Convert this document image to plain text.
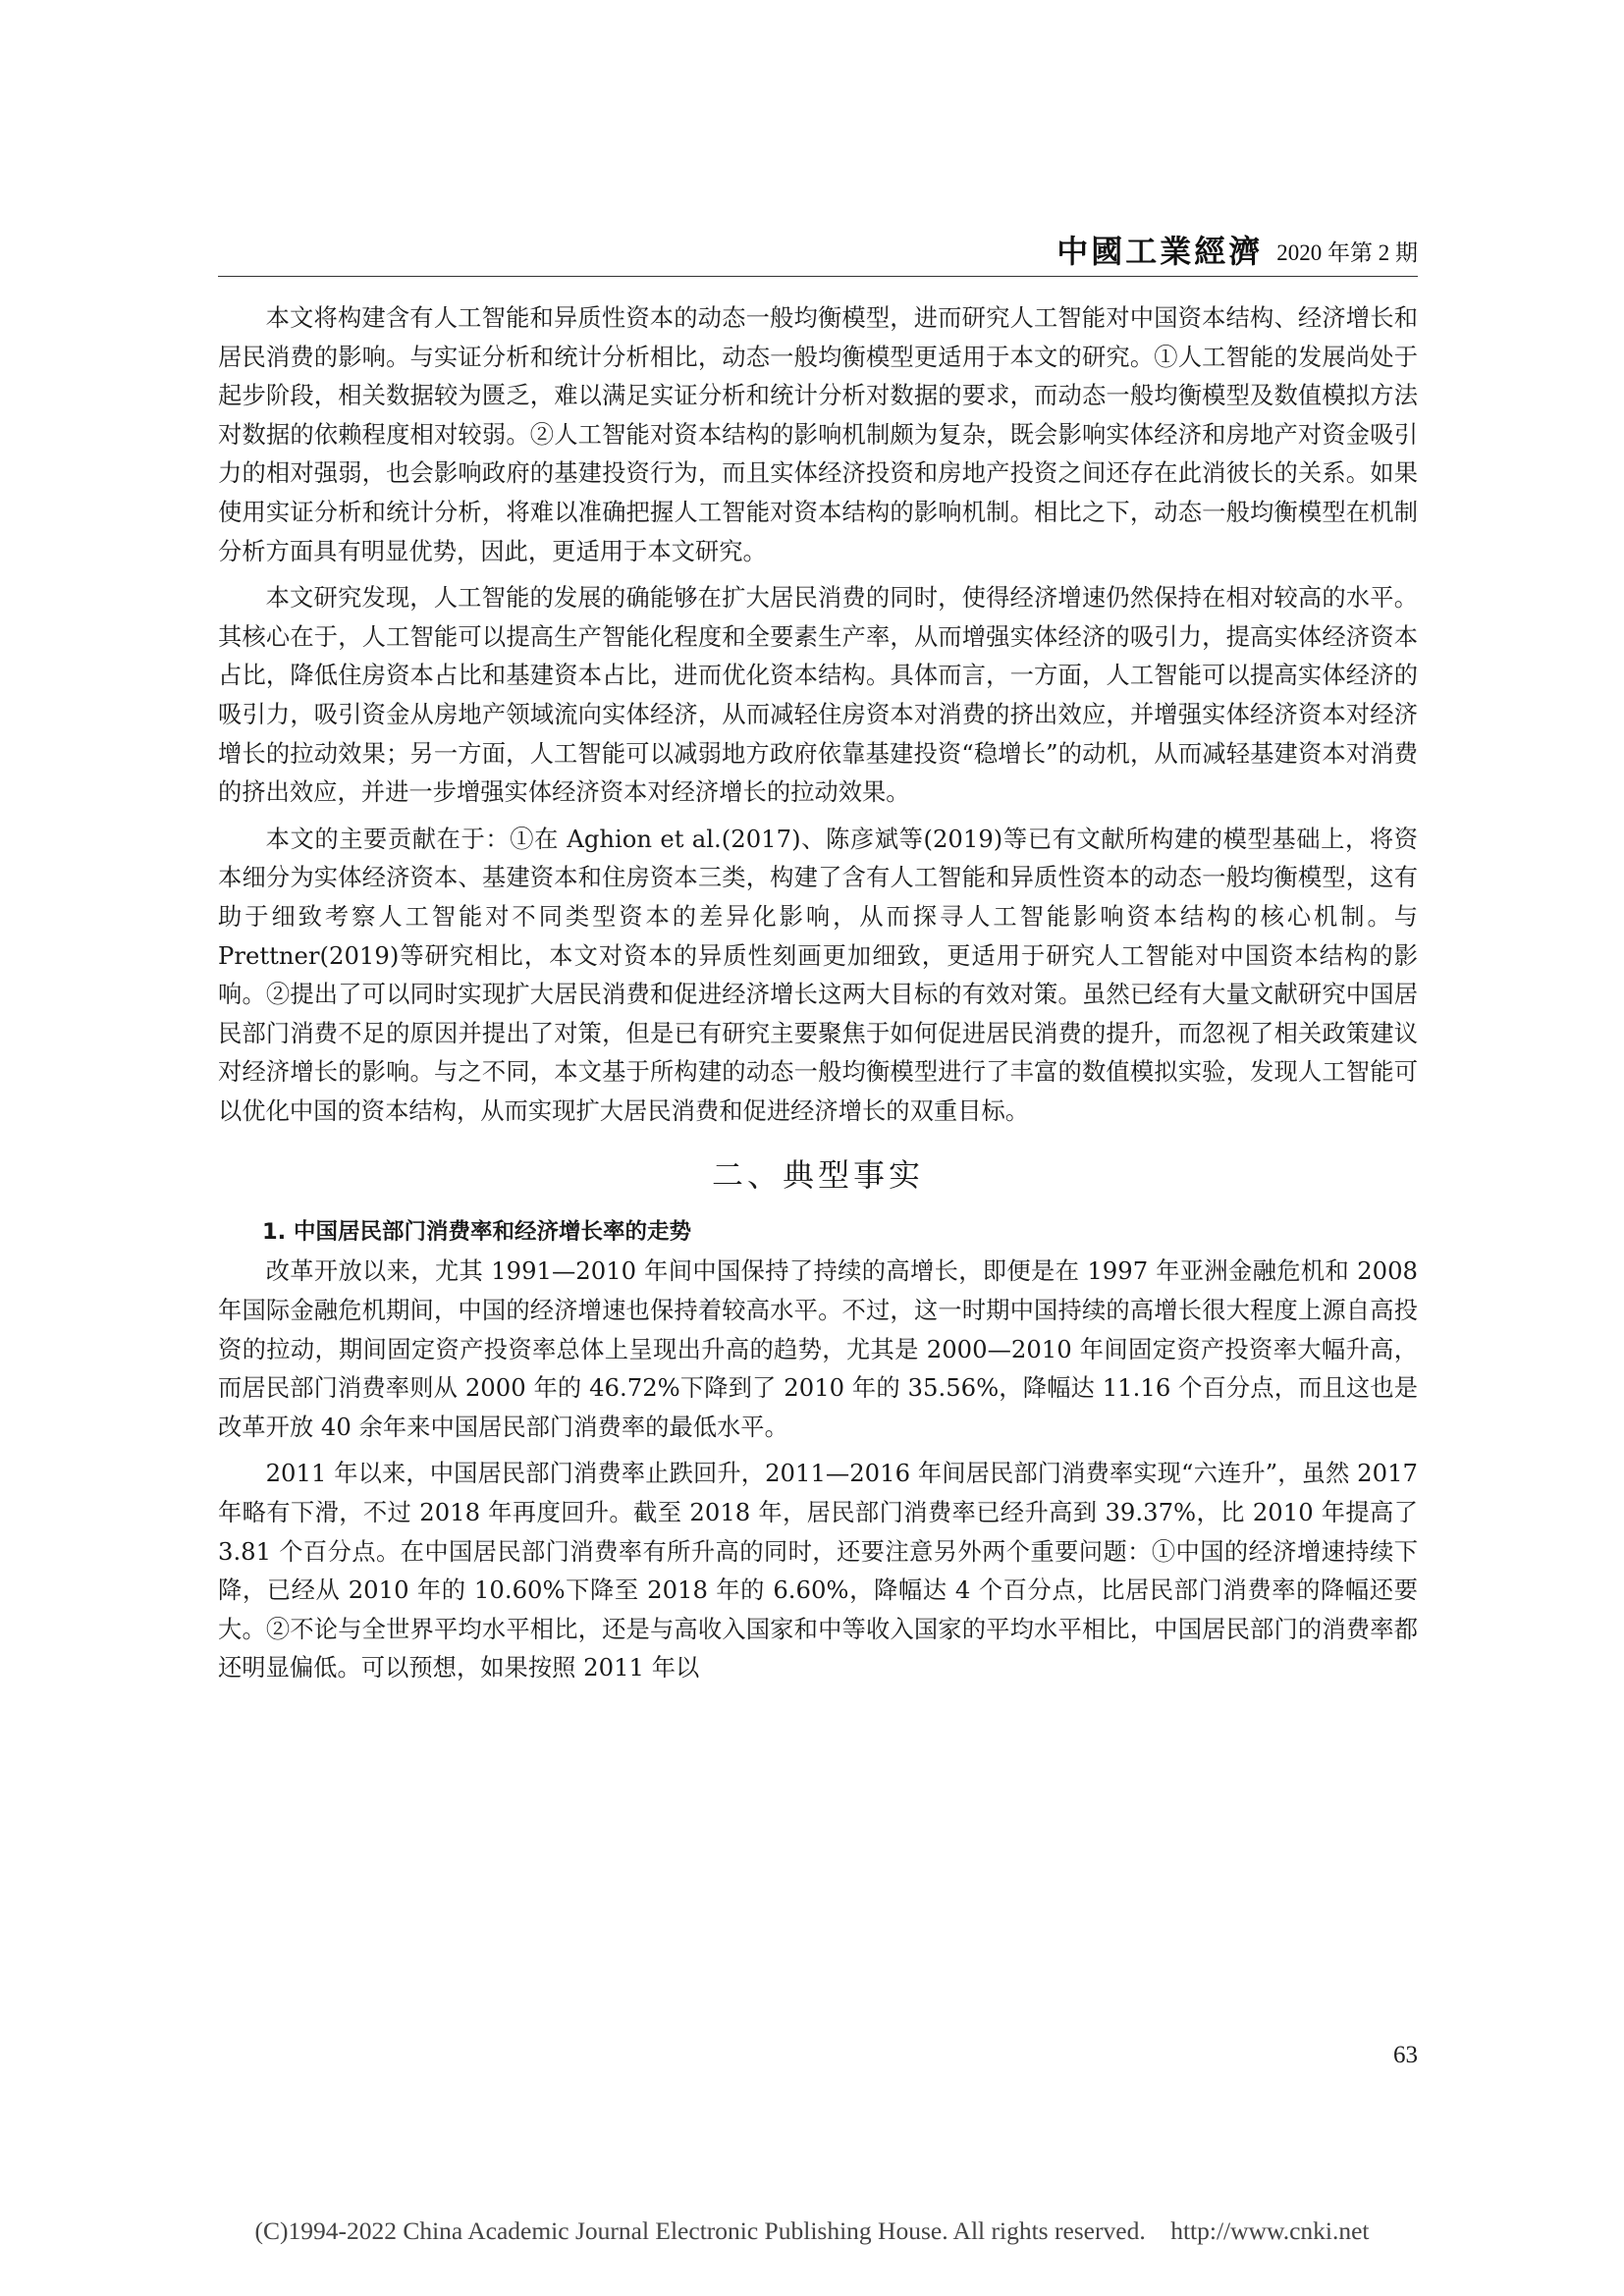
中國工業經濟 2020 年第 2 期

本文将构建含有人工智能和异质性资本的动态一般均衡模型，进而研究人工智能对中国资本结构、经济增长和居民消费的影响。与实证分析和统计分析相比，动态一般均衡模型更适用于本文的研究。①人工智能的发展尚处于起步阶段，相关数据较为匮乏，难以满足实证分析和统计分析对数据的要求，而动态一般均衡模型及数值模拟方法对数据的依赖程度相对较弱。②人工智能对资本结构的影响机制颇为复杂，既会影响实体经济和房地产对资金吸引力的相对强弱，也会影响政府的基建投资行为，而且实体经济投资和房地产投资之间还存在此消彼长的关系。如果使用实证分析和统计分析，将难以准确把握人工智能对资本结构的影响机制。相比之下，动态一般均衡模型在机制分析方面具有明显优势，因此，更适用于本文研究。

本文研究发现，人工智能的发展的确能够在扩大居民消费的同时，使得经济增速仍然保持在相对较高的水平。其核心在于，人工智能可以提高生产智能化程度和全要素生产率，从而增强实体经济的吸引力，提高实体经济资本占比，降低住房资本占比和基建资本占比，进而优化资本结构。具体而言，一方面，人工智能可以提高实体经济的吸引力，吸引资金从房地产领域流向实体经济，从而减轻住房资本对消费的挤出效应，并增强实体经济资本对经济增长的拉动效果；另一方面，人工智能可以减弱地方政府依靠基建投资“稳增长”的动机，从而减轻基建资本对消费的挤出效应，并进一步增强实体经济资本对经济增长的拉动效果。

本文的主要贡献在于：①在 Aghion et al.(2017)、陈彦斌等(2019)等已有文献所构建的模型基础上，将资本细分为实体经济资本、基建资本和住房资本三类，构建了含有人工智能和异质性资本的动态一般均衡模型，这有助于细致考察人工智能对不同类型资本的差异化影响，从而探寻人工智能影响资本结构的核心机制。与 Prettner(2019)等研究相比，本文对资本的异质性刻画更加细致，更适用于研究人工智能对中国资本结构的影响。②提出了可以同时实现扩大居民消费和促进经济增长这两大目标的有效对策。虽然已经有大量文献研究中国居民部门消费不足的原因并提出了对策，但是已有研究主要聚焦于如何促进居民消费的提升，而忽视了相关政策建议对经济增长的影响。与之不同，本文基于所构建的动态一般均衡模型进行了丰富的数值模拟实验，发现人工智能可以优化中国的资本结构，从而实现扩大居民消费和促进经济增长的双重目标。

二、典型事实
1. 中国居民部门消费率和经济增长率的走势

改革开放以来，尤其 1991—2010 年间中国保持了持续的高增长，即便是在 1997 年亚洲金融危机和 2008 年国际金融危机期间，中国的经济增速也保持着较高水平。不过，这一时期中国持续的高增长很大程度上源自高投资的拉动，期间固定资产投资率总体上呈现出升高的趋势，尤其是 2000—2010 年间固定资产投资率大幅升高，而居民部门消费率则从 2000 年的 46.72%下降到了 2010 年的 35.56%，降幅达 11.16 个百分点，而且这也是改革开放 40 余年来中国居民部门消费率的最低水平。

2011 年以来，中国居民部门消费率止跌回升，2011—2016 年间居民部门消费率实现“六连升”，虽然 2017 年略有下滑，不过 2018 年再度回升。截至 2018 年，居民部门消费率已经升高到 39.37%，比 2010 年提高了 3.81 个百分点。在中国居民部门消费率有所升高的同时，还要注意另外两个重要问题：①中国的经济增速持续下降，已经从 2010 年的 10.60%下降至 2018 年的 6.60%，降幅达 4 个百分点，比居民部门消费率的降幅还要大。②不论与全世界平均水平相比，还是与高收入国家和中等收入国家的平均水平相比，中国居民部门的消费率都还明显偏低。可以预想，如果按照 2011 年以

63
(C)1994-2022 China Academic Journal Electronic Publishing House. All rights reserved.    http://www.cnki.net
